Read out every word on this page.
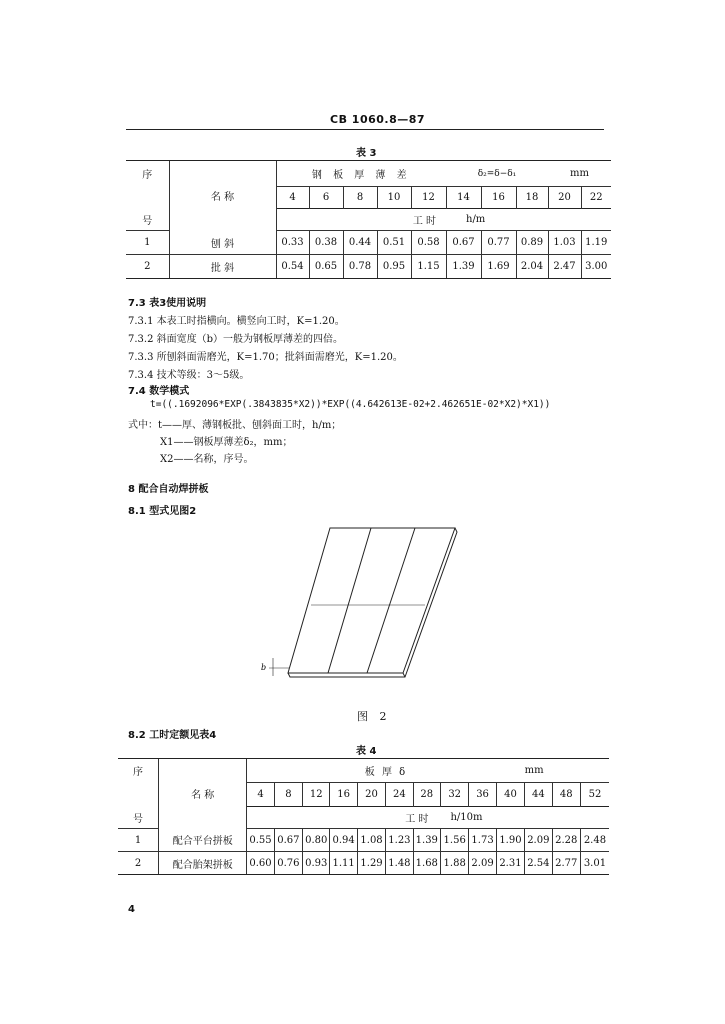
CB 1060.8—87
表 3
序	名 称	钢 板 厚 薄 差					δ₂=δ−δ₁			mm	
		4	6	8	10	12	14	16	18	20	22
号		工 时					h/m				
1	刨 斜	0.33	0.38	0.44	0.51	0.58	0.67	0.77	0.89	1.03	1.19
2	批 斜	0.54	0.65	0.78	0.95	1.15	1.39	1.69	2.04	2.47	3.00
7.3 表3使用说明
7.3.1 本表工时指横向。横竖向工时，K=1.20。
7.3.2 斜面宽度（b）一般为钢板厚薄差的四倍。
7.3.3 所刨斜面需磨光，K=1.70；批斜面需磨光，K=1.20。
7.3.4 技术等级：3～5级。
7.4 数学模式
t=((.1692096*EXP(.3843835*X2))*EXP((4.642613E-02+2.462651E-02*X2)*X1))
式中：t——厚、薄钢板批、刨斜面工时，h/m；
X1——钢板厚薄差δ₂，mm；
X2——名称，序号。
8 配合自动焊拼板
8.1 型式见图2
b
图 2
8.2 工时定额见表4
表 4
序	名 称	板 厚 δ										mm		
		4	8	12	16	20	24	28	32	36	40	44	48	52
号		工 时							h/10m					
1	配合平台拼板	0.55	0.67	0.80	0.94	1.08	1.23	1.39	1.56	1.73	1.90	2.09	2.28	2.48
2	配合胎架拼板	0.60	0.76	0.93	1.11	1.29	1.48	1.68	1.88	2.09	2.31	2.54	2.77	3.01
4
